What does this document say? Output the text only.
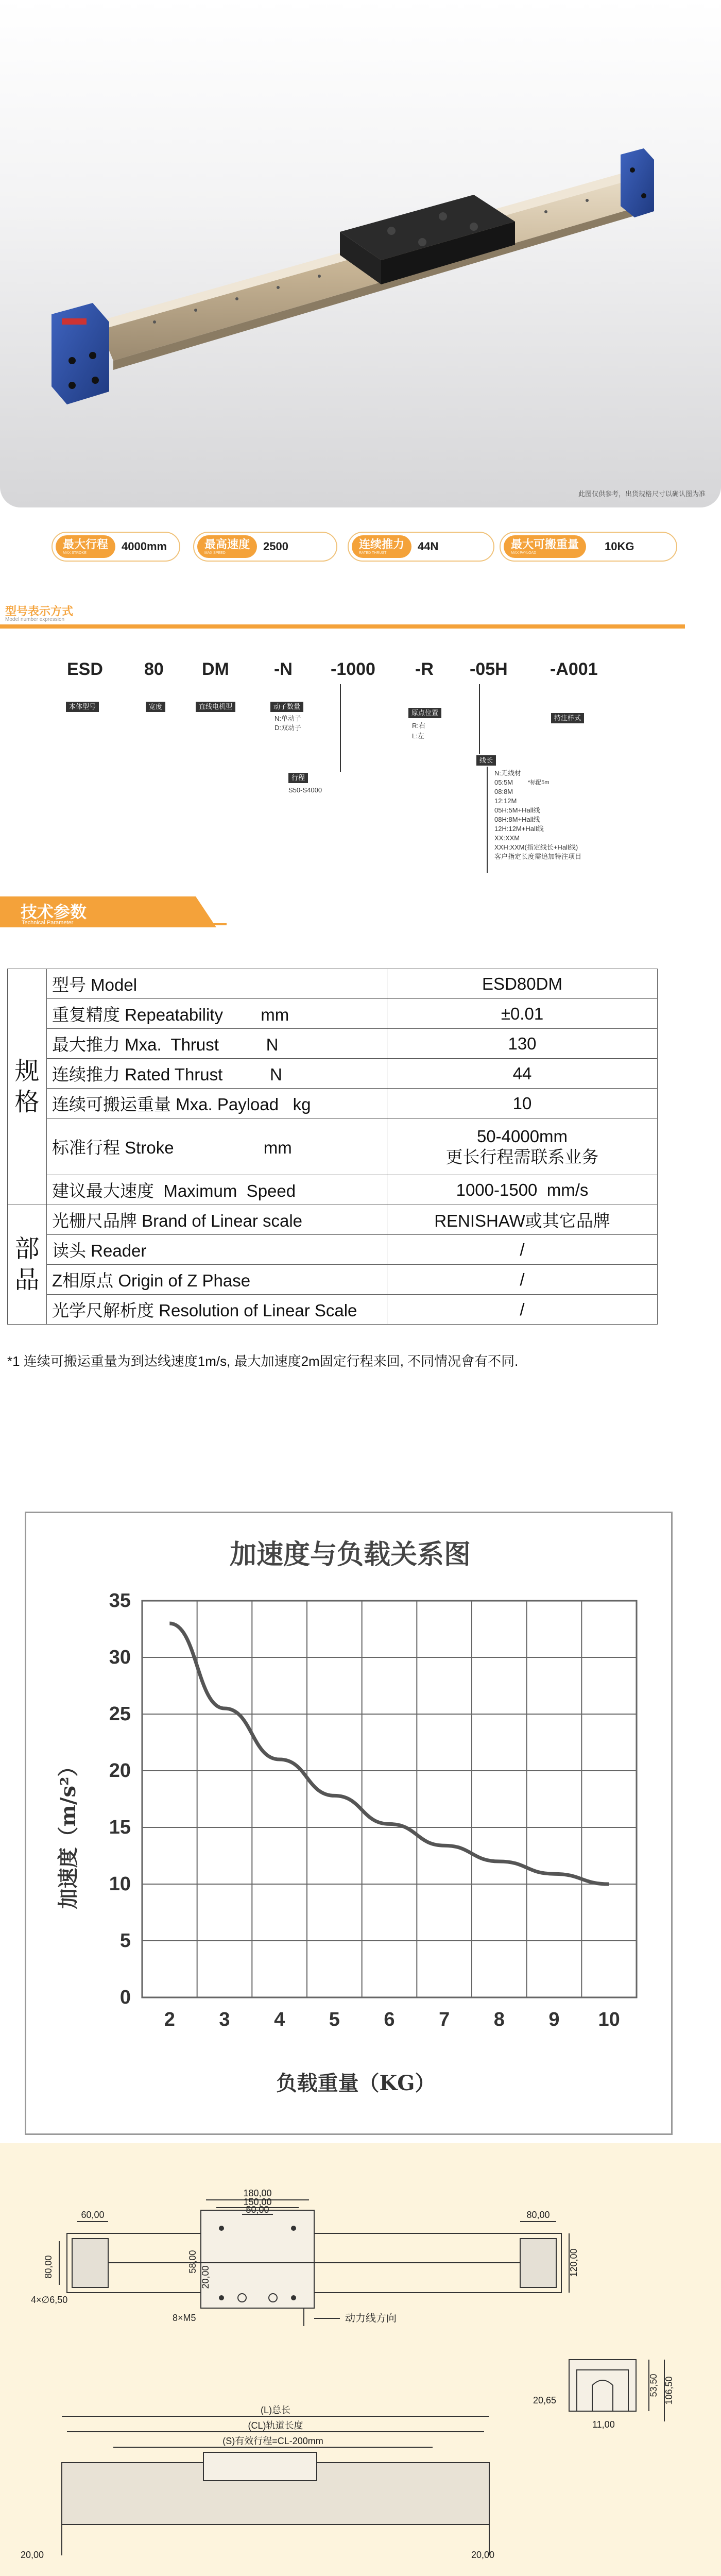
此图仅供参考，出货规格尺寸以确认图为准
最大行程
MAX STROKE	4000mm	最高速度
MAX SPEED	2500	连续推力
RATED THRUST	44N	最大可搬重量
MAX PAYLOAD	10KG
型号表示方式
Model number expression
ESD 80 DM	-N -1000 -R -05H -A001
本体型号	宽度	直线电机型	动子数量
N:单动子
D:双动子
原点位置
R:右
L:左
特注样式
行程
S50-S4000
线长
N:无线材
05:5M	*标配5m
08:8M
12:12M
05H:5M+Hall线
08H:8M+Hall线
12H:12M+Hall线
XX:XXM
XXH:XXM(指定线长+Hall线)
客户指定长度需追加特注项目
技术参数
Technical Parameter
规格	型号 Model	ESD80DM
	重复精度 Repeatability        mm	±0.01
	最大推力 Mxa.  Thrust          N	130
	连续推力 Rated Thrust          N	44
	连续可搬运重量 Mxa. Payload   kg	10
	标准行程 Stroke                   mm	50-4000mm
更长行程需联系业务
	建议最大速度  Maximum  Speed	1000-1500  mm/s
部品	光栅尺品牌 Brand of Linear scale	RENISHAW或其它品牌
	读头 Reader	/
	Z相原点 Origin of Z Phase	/
	光学尺解析度 Resolution of Linear Scale	/
*1 连续可搬运重量为到达线速度1m/s, 最大加速度2m固定行程来回, 不同情况會有不同.
加速度与负载关系图
0
5
10
15
20
25
30
35
2 3 4 5 6 7 8 9 10
负载重量（KG）
加速度（m/s²）
180,00
150,00
50,00
60,00	80,00
80,00	58,00
20,00
120,00
4×∅6,50
8×M5	动力线方向
53,50 106,50
20,65
11,00
(L)总长
(CL)轨道长度
(S)有效行程=CL-200mm
20,00	20,00
